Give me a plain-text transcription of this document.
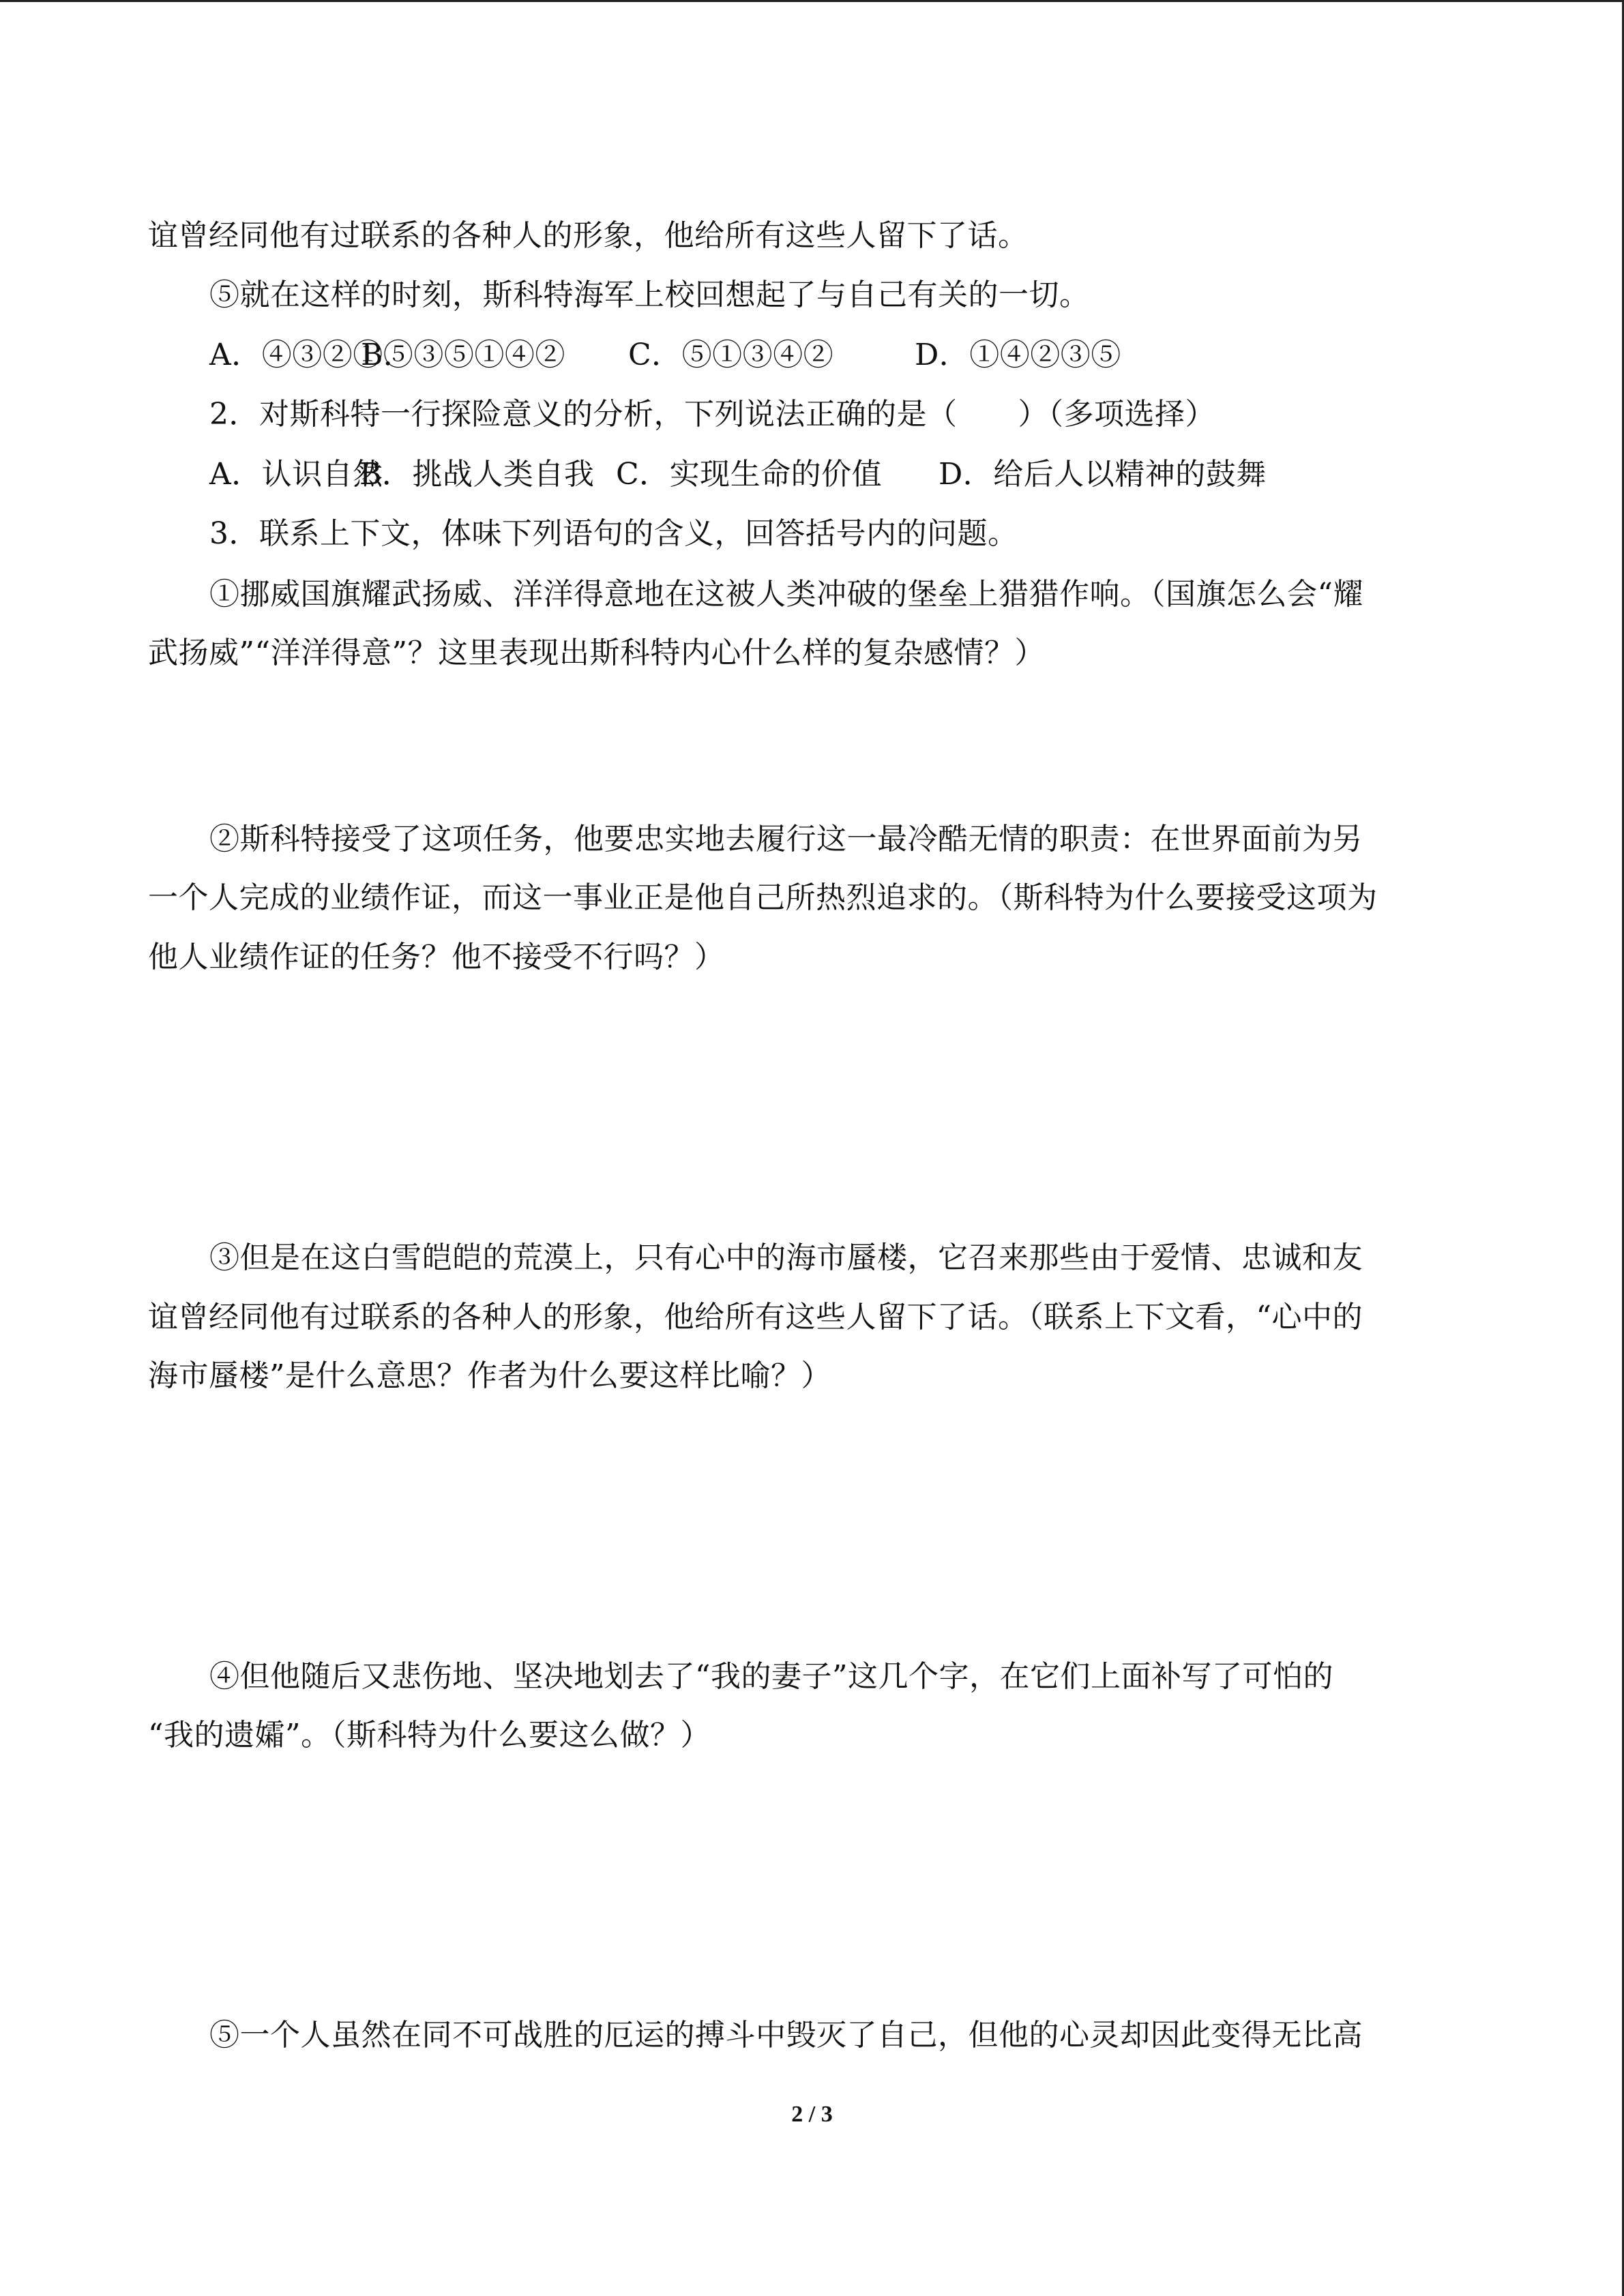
谊曾经同他有过联系的各种人的形象，他给所有这些人留下了话。
⑤就在这样的时刻，斯科特海军上校回想起了与自己有关的一切。
A．④③②①⑤B．③⑤①④② C．⑤①③④②	D．①④②③⑤
2．对斯科特一行探险意义的分析，下列说法正确的是（　　）（多项选择）
A．认识自然B．挑战人类自我 C．实现生命的价值 D．给后人以精神的鼓舞
3．联系上下文，体味下列语句的含义，回答括号内的问题。
①挪威国旗耀武扬威、洋洋得意地在这被人类冲破的堡垒上猎猎作响。（国旗怎么会“耀
武扬威”“洋洋得意”？这里表现出斯科特内心什么样的复杂感情？）
②斯科特接受了这项任务，他要忠实地去履行这一最冷酷无情的职责：在世界面前为另
一个人完成的业绩作证，而这一事业正是他自己所热烈追求的。（斯科特为什么要接受这项为
他人业绩作证的任务？他不接受不行吗？）
③但是在这白雪皑皑的荒漠上，只有心中的海市蜃楼，它召来那些由于爱情、忠诚和友
谊曾经同他有过联系的各种人的形象，他给所有这些人留下了话。（联系上下文看，“心中的
海市蜃楼”是什么意思？作者为什么要这样比喻？）
④但他随后又悲伤地、坚决地划去了“我的妻子”这几个字，在它们上面补写了可怕的
“我的遗孀”。（斯科特为什么要这么做？）
⑤一个人虽然在同不可战胜的厄运的搏斗中毁灭了自己，但他的心灵却因此变得无比高
2 / 3
